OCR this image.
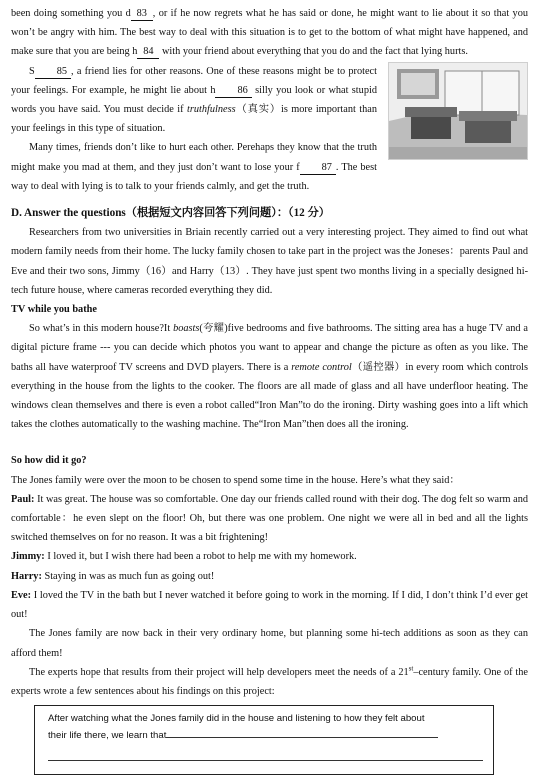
been doing something you d 83 , or if he now regrets what he has said or done, he might want to lie about it so that you won’t be angry with him. The best way to deal with this situation is to get to the bottom of what might have happened, and make sure that you are being h 84 with your friend about everything that you do and the fact that lying hurts.

S 85 , a friend lies for other reasons. One of these reasons might be to protect your feelings. For example, he might lie about h 86 silly you look or what stupid words you have said. You must decide if truthfulness（真实）is more important than your feelings in this type of situation.

Many times, friends don’t like to hurt each other. Perehaps they know that the truth might make you mad at them, and they just don’t want to lose your f 87 . The best way to deal with lying is to talk to your friends calmly, and get the truth.

D. Answer the questions（根据短文内容回答下列问题）：（12 分）

Researchers from two universities in Briain recently carried out a very interesting project. They aimed to find out what modern family needs from their home. The lucky family chosen to take part in the project was the Joneses：parents Paul and Eve and their two sons, Jimmy（16）and Harry（13）. They have just spent two months living in a specially designed hi-tech future house, where cameras recorded everything they did.

TV while you bathe

So what’s in this modern house?It boasts(夸耀)five bedrooms and five bathrooms. The sitting area has a huge TV and a digital picture frame --- you can decide which photos you want to appear and change the picture as often as you like. The baths all have waterproof TV screens and DVD players. There is a remote control（遥控器）in every room which controls everything in the house from the lights to the cooker. The floors are all made of glass and all have underfloor heating. The windows clean themselves and there is even a robot called“Iron Man”to do the ironing. Dirty washing goes into a lift which takes the clothes automatically to the washing machine. The“Iron Man”then does all the ironing.

So how did it go?

The Jones family were over the moon to be chosen to spend some time in the house. Here’s what they said：

Paul: It was great. The house was so comfortable. One day our friends called round with their dog. The dog felt so warm and comfortable：he even slept on the floor! Oh, but there was one problem. One night we were all in bed and all the lights switched themselves on for no reason. It was a bit frightening!

Jimmy: I loved it, but I wish there had been a robot to help me with my homework.

Harry: Staying in was as much fun as going out!

Eve: I loved the TV in the bath but I never watched it before going to work in the morning. If I did, I don’t think I’d ever get out!

The Jones family are now back in their very ordinary home, but planning some hi-tech additions as soon as they can afford them!

The experts hope that results from their project will help developers meet the needs of a 21st–century family. One of the experts wrote a few sentences about his findings on this project:

After watching what the Jones family did in the house and listening to how they felt about
their life there, we learn that
